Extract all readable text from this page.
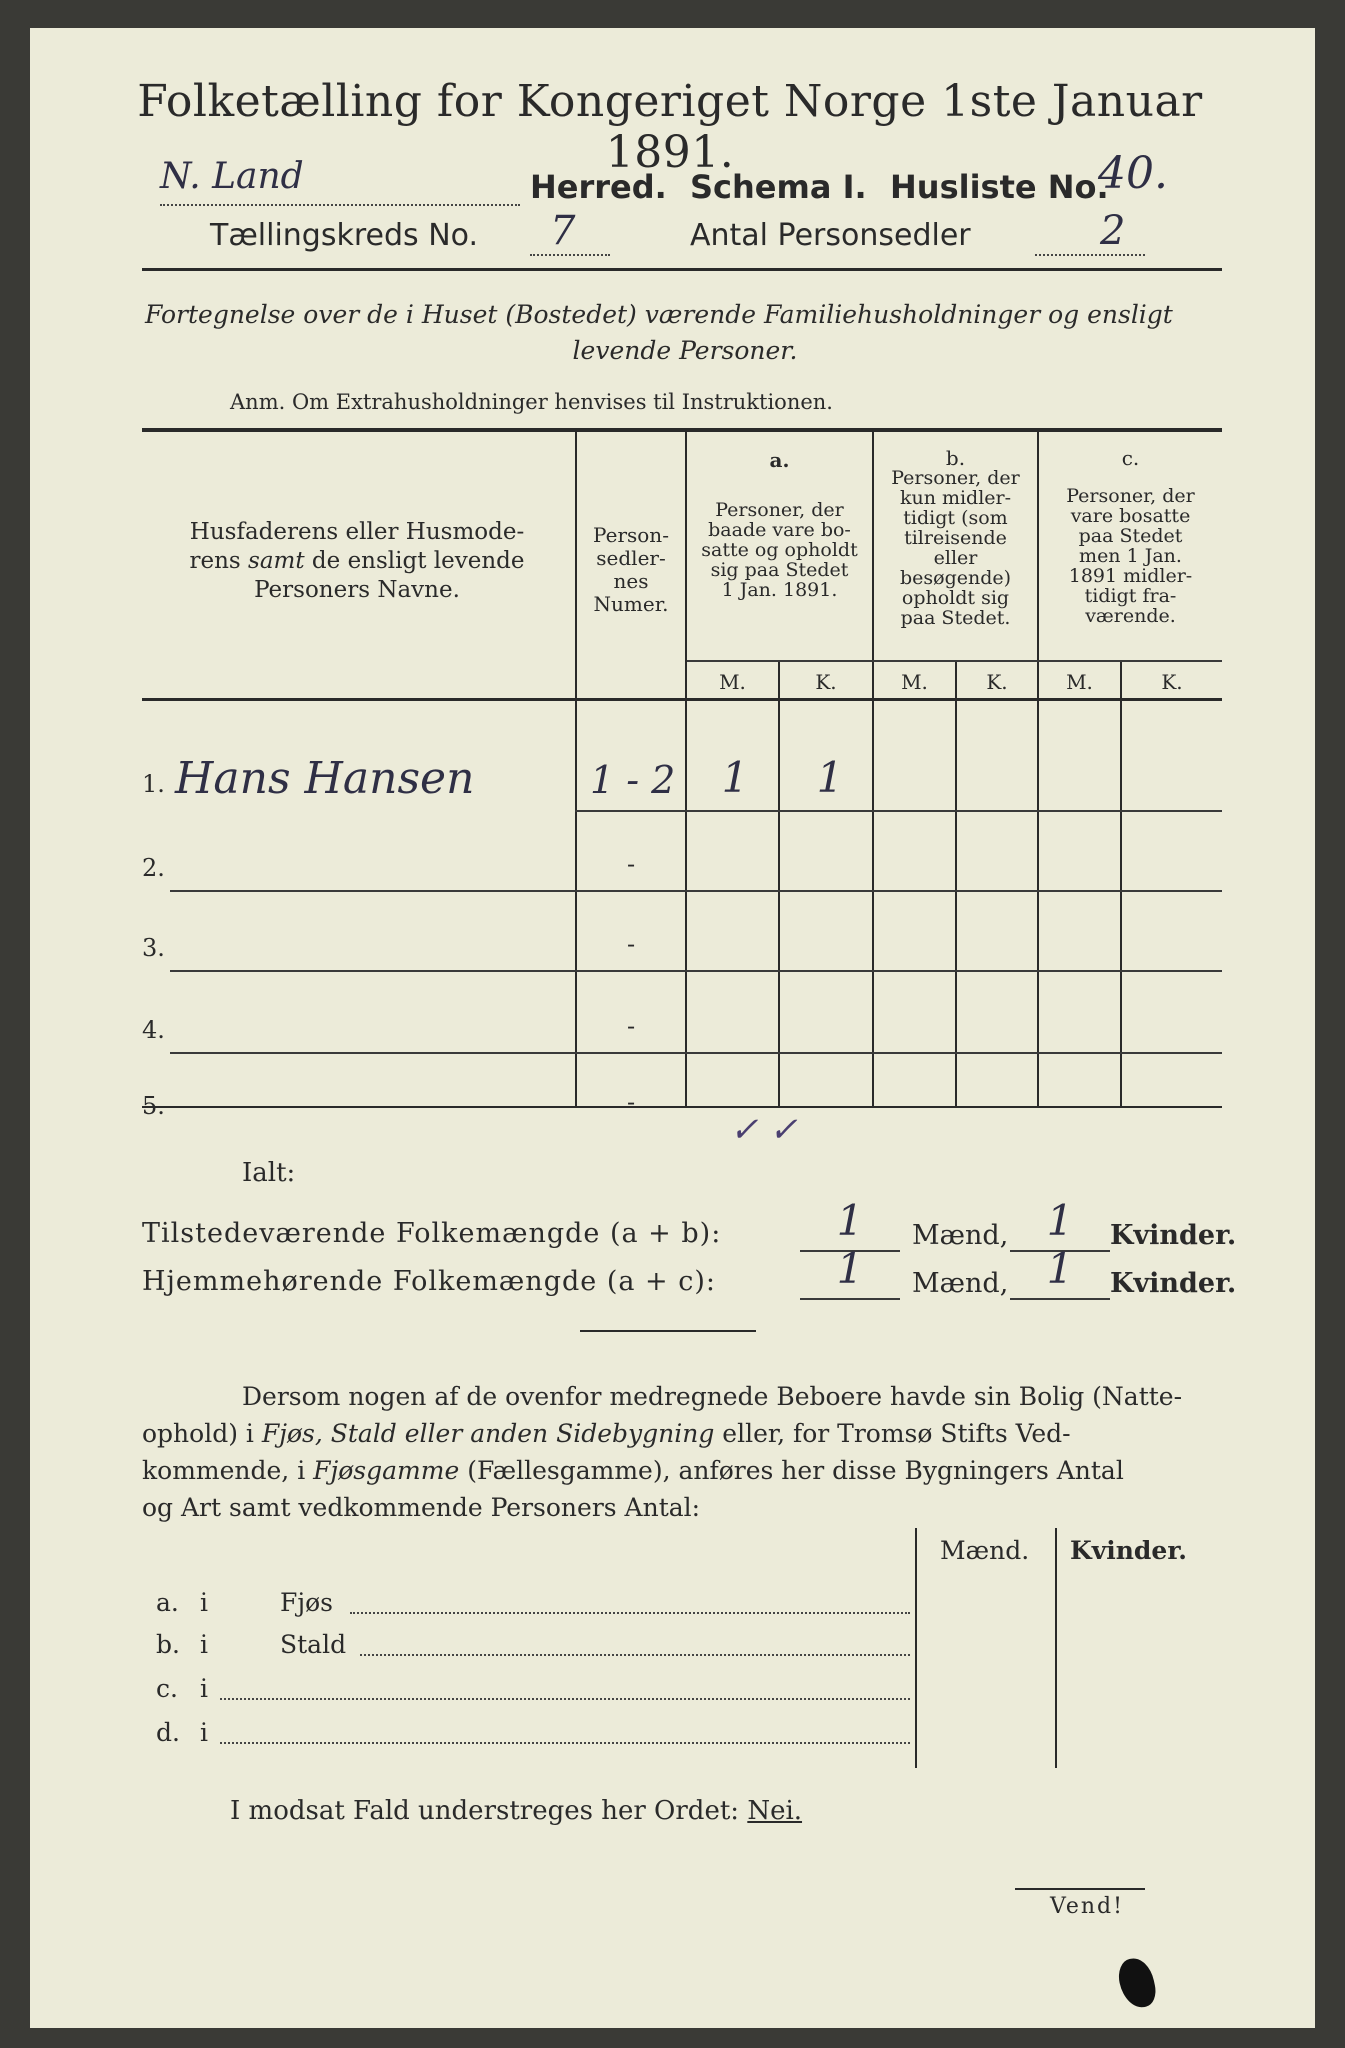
Folketælling for Kongeriget Norge 1ste Januar 1891.
N. Land	Herred. Schema I. Husliste No.
40.
Tællingskreds No. 7	Antal Personsedler	2
Fortegnelse over de i Huset (Bostedet) værende Familiehusholdninger og ensligt
levende Personer.
Anm. Om Extrahusholdninger henvises til Instruktionen.
Husfaderens eller Husmode-
rens samt de ensligt levende
Personers Navne.
Person-
sedler-
nes
Numer.
a.
Personer, der
baade vare bo-
satte og opholdt
sig paa Stedet
1 Jan. 1891.
b.
Personer, der
kun midler-
tidigt (som
tilreisende
eller
besøgende)
opholdt sig
paa Stedet.
c.
Personer, der
vare bosatte
paa Stedet
men 1 Jan.
1891 midler-
tidigt fra-
værende.
M.	K.	M.	K.	M.	K.
1. Hans Hansen	1 - 2	1	1
2.	-
3.	-
4.	-
5.	-
✓ ✓
Ialt:
Tilstedeværende Folkemængde (a + b):	1	Mænd, 1	Kvinder.
Hjemmehørende Folkemængde (a + c):	1	Mænd, 1	Kvinder.
Dersom nogen af de ovenfor medregnede Beboere havde sin Bolig (Natte-
ophold) i Fjøs, Stald eller anden Sidebygning eller, for Tromsø Stifts Ved-
kommende, i Fjøsgamme (Fællesgamme), anføres her disse Bygningers Antal
og Art samt vedkommende Personers Antal:
Mænd. Kvinder.
a. i	Fjøs
b. i	Stald
c. i
d. i
I modsat Fald understreges her Ordet: Nei.
Vend!
